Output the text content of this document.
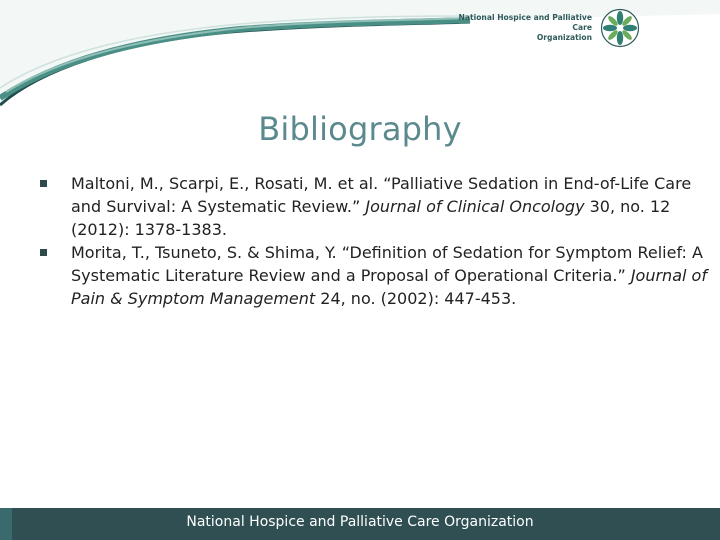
National Hospice and Palliative Care
Organization
Bibliography
Maltoni, M., Scarpi, E., Rosati, M. et al. “Palliative Sedation in End-of-Life Care and Survival: A Systematic Review.” Journal of Clinical Oncology 30, no. 12 (2012): 1378-1383.
Morita, T., Tsuneto, S. & Shima, Y. “Definition of Sedation for Symptom Relief: A Systematic Literature Review and a Proposal of Operational Criteria.” Journal of Pain & Symptom Management 24, no. (2002): 447-453.
National Hospice and Palliative Care Organization
